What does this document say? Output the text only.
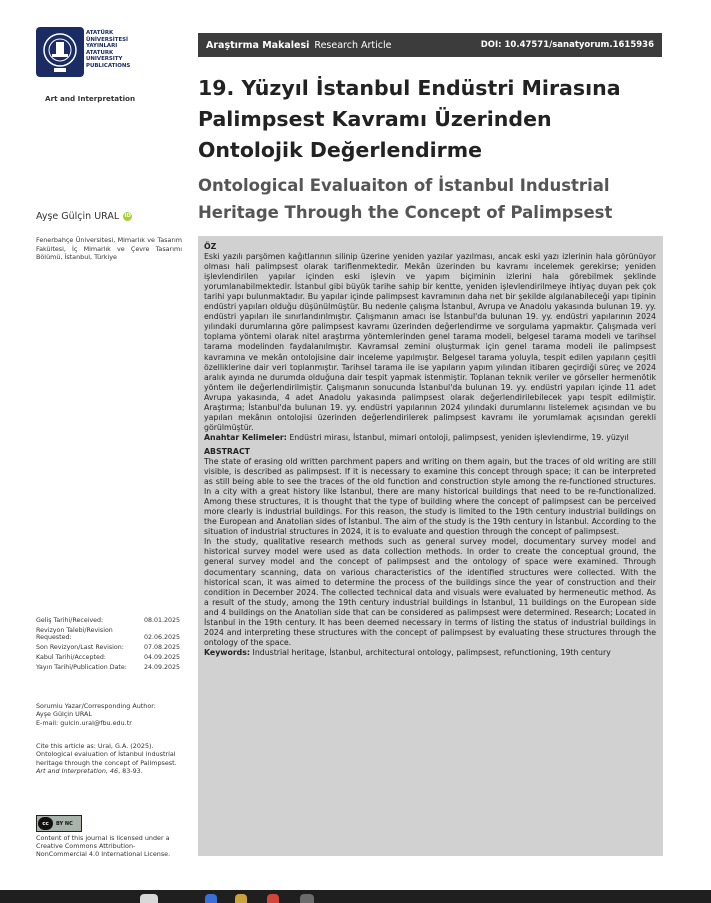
ATATÜRK
ÜNİVERSİTESİ
YAYINLARI
ATATURK
UNIVERSITY
PUBLICATIONS
Art and Interpretation
Ayşe Gülçin URAL iD
Fenerbahçe Üniversitesi, Mimarlık ve Tasarım Fakültesi, İç Mimarlık ve Çevre Tasarımı Bölümü, İstanbul, Türkiye
Geliş Tarihi/Received:	08.01.2025
Revizyon Talebi/Revision Requested:	02.06.2025
Son Revizyon/Last Revision:	07.08.2025
Kabul Tarihi/Accepted:	04.09.2025
Yayın Tarihi/Publication Date:	24.09.2025
Sorumlu Yazar/Corresponding Author:
Ayşe Gülçin URAL
E-mail: gulcin.ural@fbu.edu.tr
Cite this article as: Ural, G.A. (2025). Ontological evaluation of İstanbul industrial heritage through the concept of Palimpsest. Art and Interpretation, 46, 83-93.
cc	BY NC
Content of this journal is licensed under a Creative Commons Attribution-NonCommercial 4.0 International License.
Araştırma Makalesi Research Article	DOI: 10.47571/sanatyorum.1615936
19. Yüzyıl İstanbul Endüstri Mirasına Palimpsest Kavramı Üzerinden Ontolojik Değerlendirme
Ontological Evaluaiton of İstanbul Industrial Heritage Through the Concept of Palimpsest
ÖZ

Eski yazılı parşömen kağıtlarının silinip üzerine yeniden yazılar yazılması, ancak eski yazı izlerinin hala görünüyor olması hali palimpsest olarak tariflenmektedir. Mekân üzerinden bu kavramı incelemek gerekirse; yeniden işlevlendirilen yapılar içinden eski işlevin ve yapım biçiminin izlerini hala görebilmek şeklinde yorumlanabilmektedir. İstanbul gibi büyük tarihe sahip bir kentte, yeniden işlevlendirilmeye ihtiyaç duyan pek çok tarihi yapı bulunmaktadır. Bu yapılar içinde palimpsest kavramının daha net bir şekilde algılanabileceği yapı tipinin endüstri yapıları olduğu düşünülmüştür. Bu nedenle çalışma İstanbul, Avrupa ve Anadolu yakasında bulunan 19. yy. endüstri yapıları ile sınırlandırılmıştır. Çalışmanın amacı ise İstanbul'da bulunan 19. yy. endüstri yapılarının 2024 yılındaki durumlarına göre palimpsest kavramı üzerinden değerlendirme ve sorgulama yapmaktır. Çalışmada veri toplama yöntemi olarak nitel araştırma yöntemlerinden genel tarama modeli, belgesel tarama modeli ve tarihsel tarama modelinden faydalanılmıştır. Kavramsal zemini oluşturmak için genel tarama modeli ile palimpsest kavramına ve mekân ontolojisine dair inceleme yapılmıştır. Belgesel tarama yoluyla, tespit edilen yapıların çeşitli özelliklerine dair veri toplanmıştır. Tarihsel tarama ile ise yapıların yapım yılından itibaren geçirdiği süreç ve 2024 aralık ayında ne durumda olduğuna dair tespit yapmak istenmiştir. Toplanan teknik veriler ve görseller hermenötik yöntem ile değerlendirilmiştir. Çalışmanın sonucunda İstanbul'da bulunan 19. yy. endüstri yapıları içinde 11 adet Avrupa yakasında, 4 adet Anadolu yakasında palimpsest olarak değerlendirilebilecek yapı tespit edilmiştir. Araştırma; İstanbul'da bulunan 19. yy. endüstri yapılarının 2024 yılındaki durumlarını listelemek açısından ve bu yapıları mekânın ontolojisi üzerinden değerlendirilerek palimpsest kavramı ile yorumlamak açısından gerekli görülmüştür.

Anahtar Kelimeler: Endüstri mirası, İstanbul, mimari ontoloji, palimpsest, yeniden işlevlendirme, 19. yüzyıl

ABSTRACT

The state of erasing old written parchment papers and writing on them again, but the traces of old writing are still visible, is described as palimpsest. If it is necessary to examine this concept through space; it can be interpreted as still being able to see the traces of the old function and construction style among the re-functioned structures. In a city with a great history like İstanbul, there are many historical buildings that need to be re-functionalized. Among these structures, it is thought that the type of building where the concept of palimpsest can be perceived more clearly is industrial buildings. For this reason, the study is limited to the 19th century industrial buildings on the European and Anatolian sides of İstanbul. The aim of the study is the 19th century in İstanbul. According to the situation of industrial structures in 2024, it is to evaluate and question through the concept of palimpsest.

In the study, qualitative research methods such as general survey model, documentary survey model and historical survey model were used as data collection methods. In order to create the conceptual ground, the general survey model and the concept of palimpsest and the ontology of space were examined. Through documentary scanning, data on various characteristics of the identified structures were collected. With the historical scan, it was aimed to determine the process of the buildings since the year of construction and their condition in December 2024. The collected technical data and visuals were evaluated by hermeneutic method. As a result of the study, among the 19th century industrial buildings in İstanbul, 11 buildings on the European side and 4 buildings on the Anatolian side that can be considered as palimpsest were determined. Research; Located in İstanbul in the 19th century. It has been deemed necessary in terms of listing the status of industrial buildings in 2024 and interpreting these structures with the concept of palimpsest by evaluating these structures through the ontology of the space.

Keywords: Industrial heritage, İstanbul, architectural ontology, palimpsest, refunctioning, 19th century
